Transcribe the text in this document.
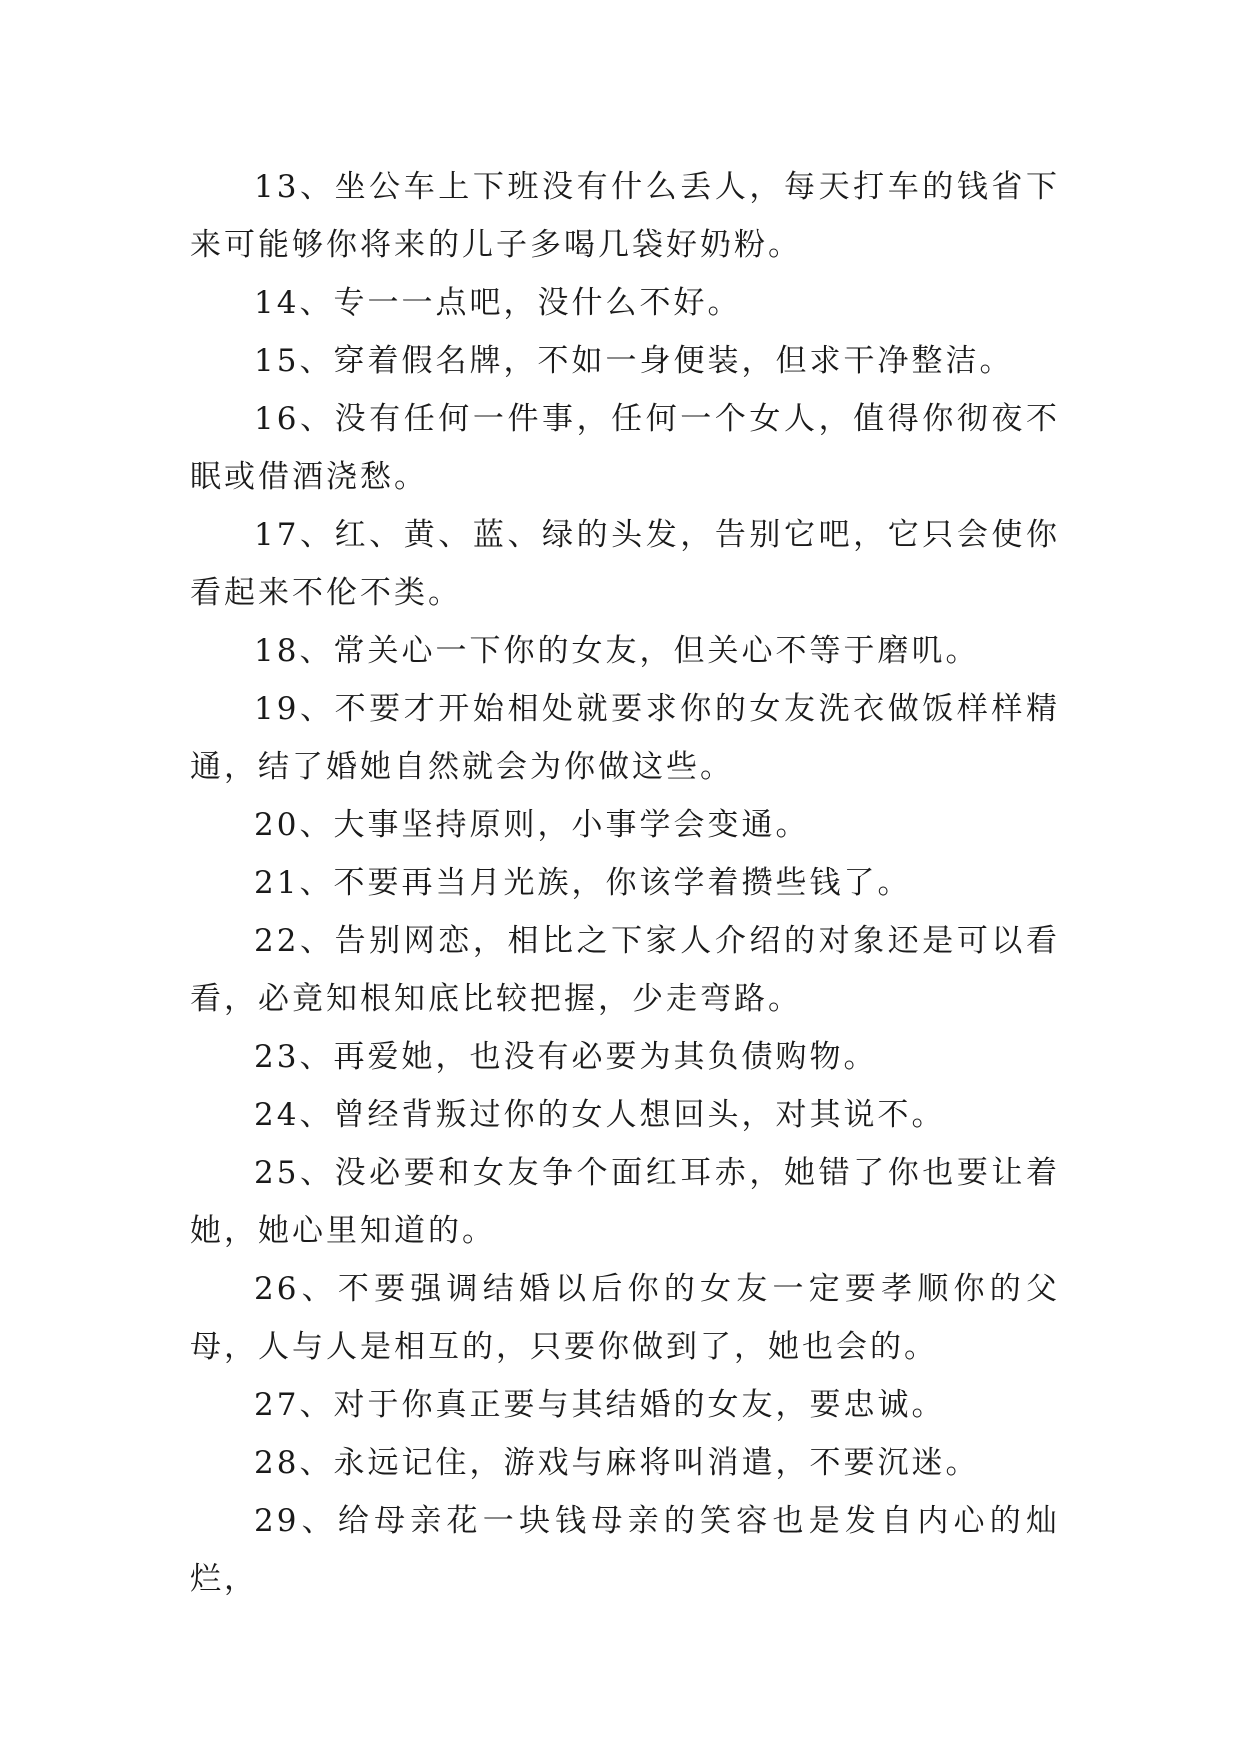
13、坐公车上下班没有什么丢人，每天打车的钱省下来可能够你将来的儿子多喝几袋好奶粉。

14、专一一点吧，没什么不好。

15、穿着假名牌，不如一身便装，但求干净整洁。

16、没有任何一件事，任何一个女人，值得你彻夜不眠或借酒浇愁。

17、红、黄、蓝、绿的头发，告别它吧，它只会使你看起来不伦不类。

18、常关心一下你的女友，但关心不等于磨叽。

19、不要才开始相处就要求你的女友洗衣做饭样样精通，结了婚她自然就会为你做这些。

20、大事坚持原则，小事学会变通。

21、不要再当月光族，你该学着攒些钱了。

22、告别网恋，相比之下家人介绍的对象还是可以看看，必竟知根知底比较把握，少走弯路。

23、再爱她，也没有必要为其负债购物。

24、曾经背叛过你的女人想回头，对其说不。

25、没必要和女友争个面红耳赤，她错了你也要让着她，她心里知道的。

26、不要强调结婚以后你的女友一定要孝顺你的父母，人与人是相互的，只要你做到了，她也会的。

27、对于你真正要与其结婚的女友，要忠诚。

28、永远记住，游戏与麻将叫消遣，不要沉迷。

29、给母亲花一块钱母亲的笑容也是发自内心的灿烂，
